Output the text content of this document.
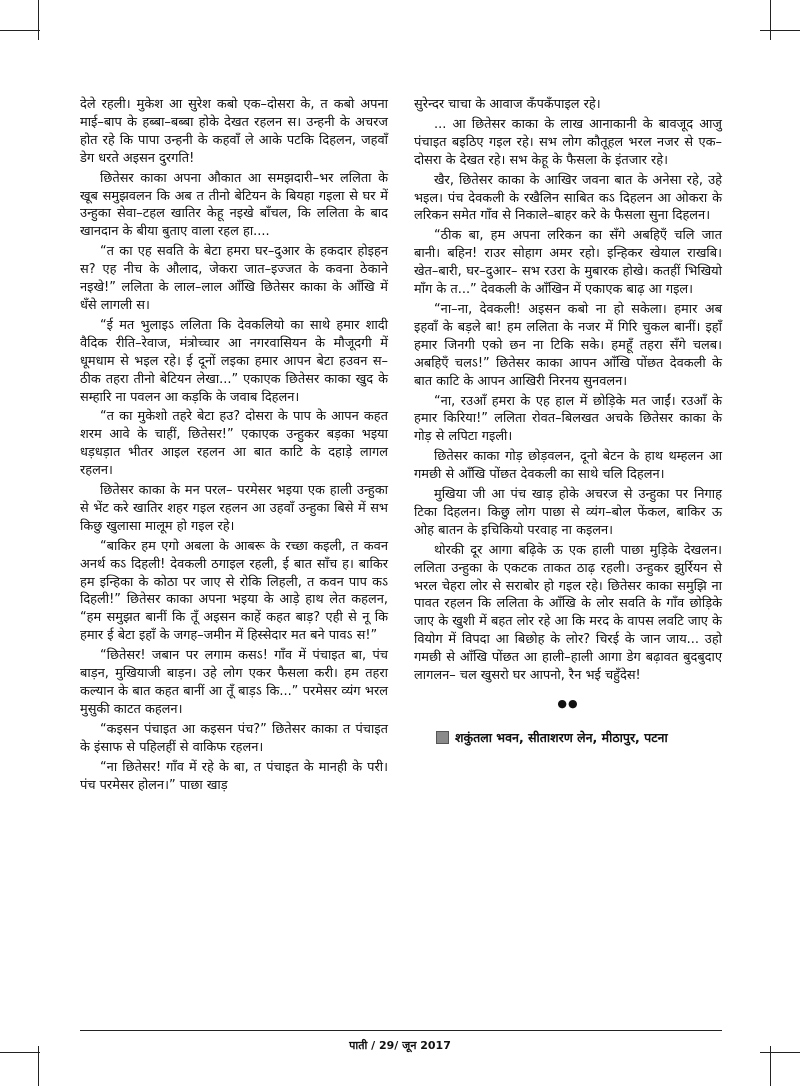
देले रहली। मुकेश आ सुरेश कबो एक–दोसरा के, त कबो अपना माई–बाप के हब्बा–बब्बा होके देखत रहलन स। उन्हनी के अचरज होत रहे कि पापा उन्हनी के कहवाँ ले आके पटकि दिहलन, जहवाँ डेग धरते अइसन दुरगति!

छितेसर काका अपना औकात आ समझदारी–भर ललिता के खूब समुझवलन कि अब त तीनो बेटियन के बियहा गइला से घर में उन्हुका सेवा–टहल खातिर केहू नइखे बाँचल, कि ललिता के बाद खानदान के बीया बुताए वाला रहल हा....

“त का एह सवति के बेटा हमरा घर–दुआर के हकदार होइहन स? एह नीच के औलाद, जेकरा जात–इज्जत के कवना ठेकाने नइखे!” ललिता के लाल–लाल आँखि छितेसर काका के आँखि में धँसे लागली स।

“ई मत भुलाइऽ ललिता कि देवकलियो का साथे हमार शादी वैदिक रीति–रेवाज, मंत्रोच्चार आ नगरवासियन के मौजूदगी में धूमधाम से भइल रहे। ई दूनों लइका हमार आपन बेटा हउवन स–ठीक तहरा तीनो बेटियन लेखा...” एकाएक छितेसर काका खुद के सम्हारि ना पवलन आ कड़कि के जवाब दिहलन।

“त का मुकेशो तहरे बेटा हउ? दोसरा के पाप के आपन कहत शरम आवे के चाहीं, छितेसर!” एकाएक उन्हुकर बड़का भइया धड़धड़ात भीतर आइल रहलन आ बात काटि के दहाड़े लागल रहलन।

छितेसर काका के मन परल– परमेसर भइया एक हाली उन्हुका से भेंट करे खातिर शहर गइल रहलन आ उहवाँ उन्हुका बिसे में सभ किछु खुलासा मालूम हो गइल रहे।

“बाकिर हम एगो अबला के आबरू के रच्छा कइली, त कवन अनर्थ कऽ दिहली! देवकली ठगाइल रहली, ई बात साँच ह। बाकिर हम इन्हिका के कोठा पर जाए से रोकि लिहली, त कवन पाप कऽ दिहली!” छितेसर काका अपना भइया के आड़े हाथ लेत कहलन, “हम समुझत बानीं कि तूँ अइसन काहें कहत बाड़? एही से नू कि हमार ई बेटा इहाँ के जगह–जमीन में हिस्सेदार मत बने पावऽ स!”

“छितेसर! जबान पर लगाम कसऽ! गाँव में पंचाइत बा, पंच बाड़न, मुखियाजी बाड़न। उहे लोग एकर फैसला करी। हम तहरा कल्यान के बात कहत बानीं आ तूँ बाड़ऽ कि...” परमेसर व्यंग भरल मुसुकी काटत कहलन।

“कइसन पंचाइत आ कइसन पंच?” छितेसर काका त पंचाइत के इंसाफ से पहिलहीं से वाकिफ रहलन।

“ना छितेसर! गाँव में रहे के बा, त पंचाइत के मानही के परी। पंच परमेसर होलन।” पाछा खाड़

सुरेन्दर चाचा के आवाज कँपकँपाइल रहे।

... आ छितेसर काका के लाख आनाकानी के बावजूद आजु पंचाइत बइठिए गइल रहे। सभ लोग कौतूहल भरल नजर से एक–दोसरा के देखत रहे। सभ केहू के फैसला के इंतजार रहे।

खैर, छितेसर काका के आखिर जवना बात के अनेसा रहे, उहे भइल। पंच देवकली के रखैलिन साबित कऽ दिहलन आ ओकरा के लरिकन समेत गाँव से निकाले–बाहर करे के फैसला सुना दिहलन।

“ठीक बा, हम अपना लरिकन का सँगे अबहिएँ चलि जात बानी। बहिन! राउर सोहाग अमर रहो। इन्हिकर खेयाल राखबि। खेत–बारी, घर–दुआर– सभ रउरा के मुबारक होखे। कतहीं भिखियो माँग के त...” देवकली के आँखिन में एकाएक बाढ़ आ गइल।

“ना–ना, देवकली! अइसन कबो ना हो सकेला। हमार अब इहवाँ के बड़ले बा! हम ललिता के नजर में गिरि चुकल बानीं। इहाँ हमार जिनगी एको छन ना टिकि सके। हमहूँ तहरा सँगे चलब। अबहिएँ चलऽ!” छितेसर काका आपन आँखि पोंछत देवकली के बात काटि के आपन आखिरी निरनय सुनवलन।

“ना, रउआँ हमरा के एह हाल में छोड़िके मत जाईं। रउआँ के हमार किरिया!” ललिता रोवत–बिलखत अचके छितेसर काका के गोड़ से लपिटा गइली।

छितेसर काका गोड़ छोड़वलन, दूनो बेटन के हाथ थम्हलन आ गमछी से आँखि पोंछत देवकली का साथे चलि दिहलन।

मुखिया जी आ पंच खाड़ होके अचरज से उन्हुका पर निगाह टिका दिहलन। किछु लोग पाछा से व्यंग–बोल फेंकल, बाकिर ऊ ओह बातन के इचिकियो परवाह ना कइलन।

थोरकी दूर आगा बढ़िके ऊ एक हाली पाछा मुड़िके देखलन। ललिता उन्हुका के एकटक ताकत ठाढ़ रहली। उन्हुकर झुर्रियन से भरल चेहरा लोर से सराबोर हो गइल रहे। छितेसर काका समुझि ना पावत रहलन कि ललिता के आँखि के लोर सवति के गाँव छोड़िके जाए के खुशी में बहत लोर रहे आ कि मरद के वापस लवटि जाए के वियोग में विपदा आ बिछोह के लोर? चिरई के जान जाय... उहो गमछी से आँखि पोंछत आ हाली–हाली आगा डेग बढ़ावत बुदबुदाए लागलन– चल खुसरो घर आपनो, रैन भई चहुँदेस!

●●
शकुंतला भवन, सीताशरण लेन, मीठापुर, पटना
पाती / 29/ जून 2017
